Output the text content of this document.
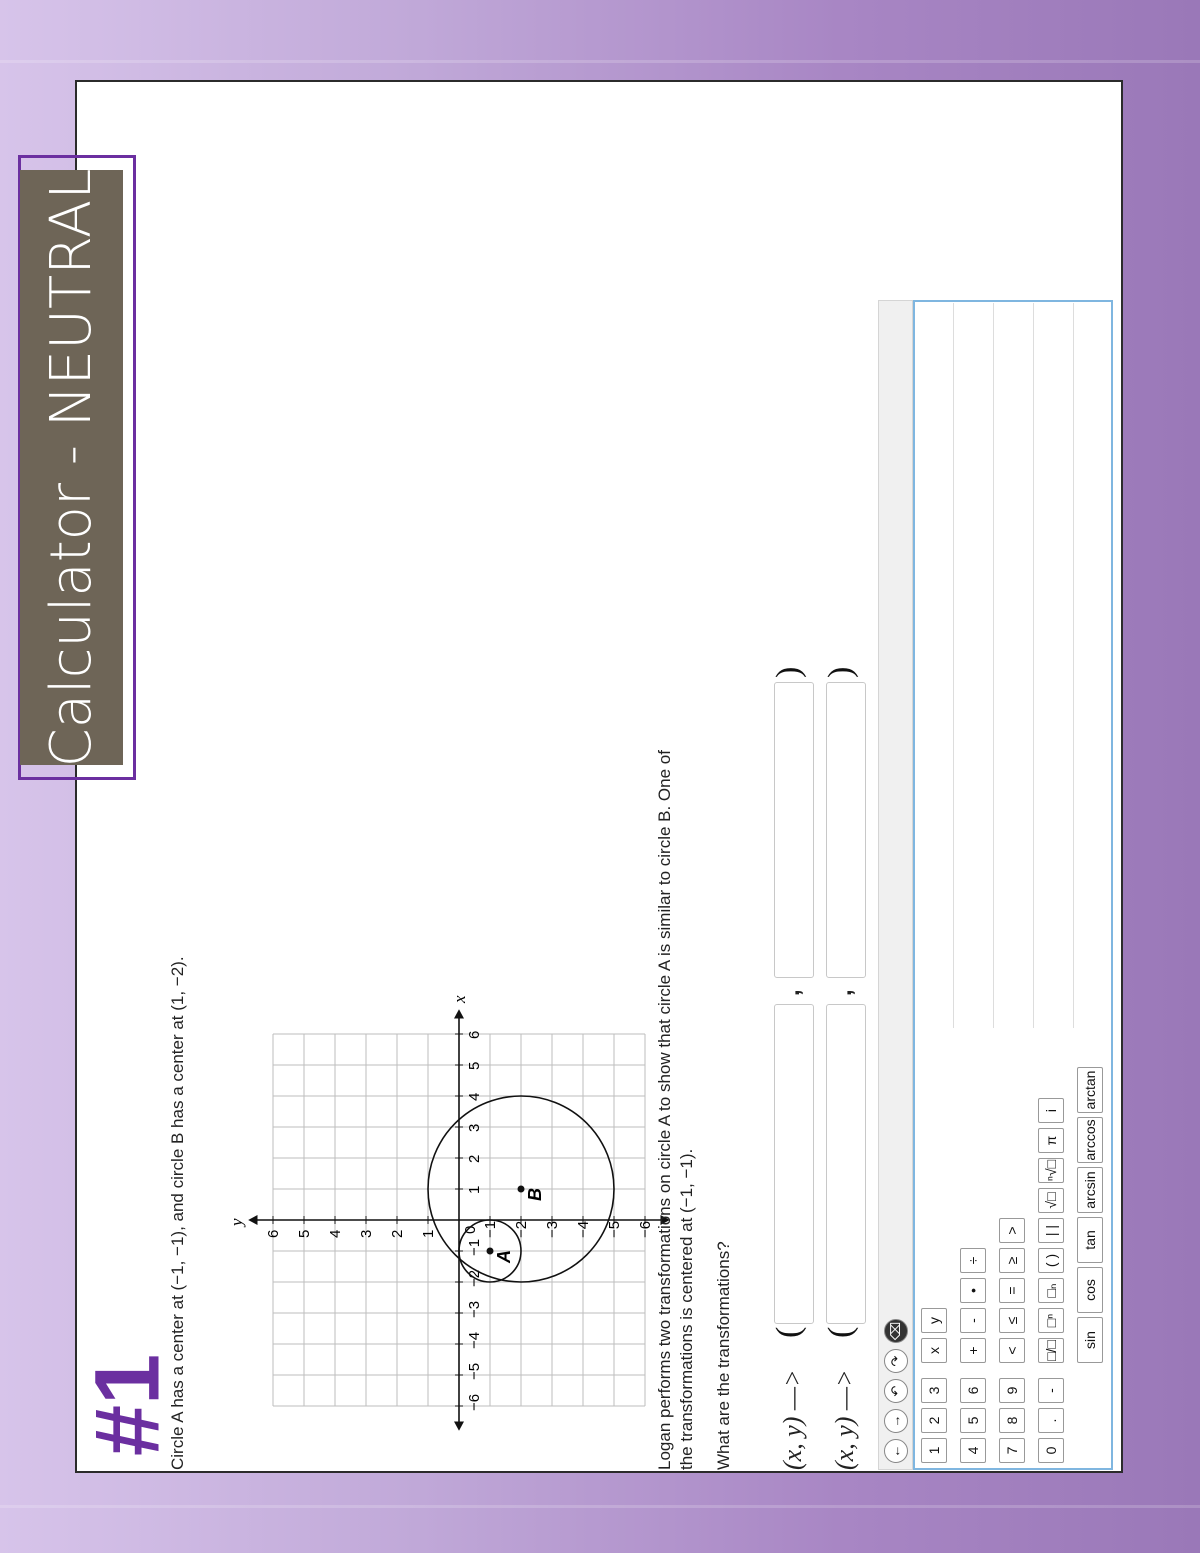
Calculator - NEUTRAL
#1
Circle A has a center at (−1, −1), and circle B has a center at (1, −2).	x
y
−6
−5
−4
−3
−2
−1
1
2
3
4
5
6
6 5 4 3 2 1	−1 −2 −3 −4 −5 −6
0
A
B	Logan performs two transformations on circle A to show that circle A is similar to circle B. One of the transformations is centered at (−1, −1). What are the transformations? (x, y) —>
(
,
)
(x, y) —>
(
,
)
←
→
↶
↷
⌫
1
2
3
4
5
6
7
8
9
0
.
-
x
y
+
-
•
÷
<
≤
=
≥
>
□/□
□ⁿ
□ₙ
( )
| |
√□
ⁿ√□
π
i
sin
cos
tan
arcsin
arccos
arctan
